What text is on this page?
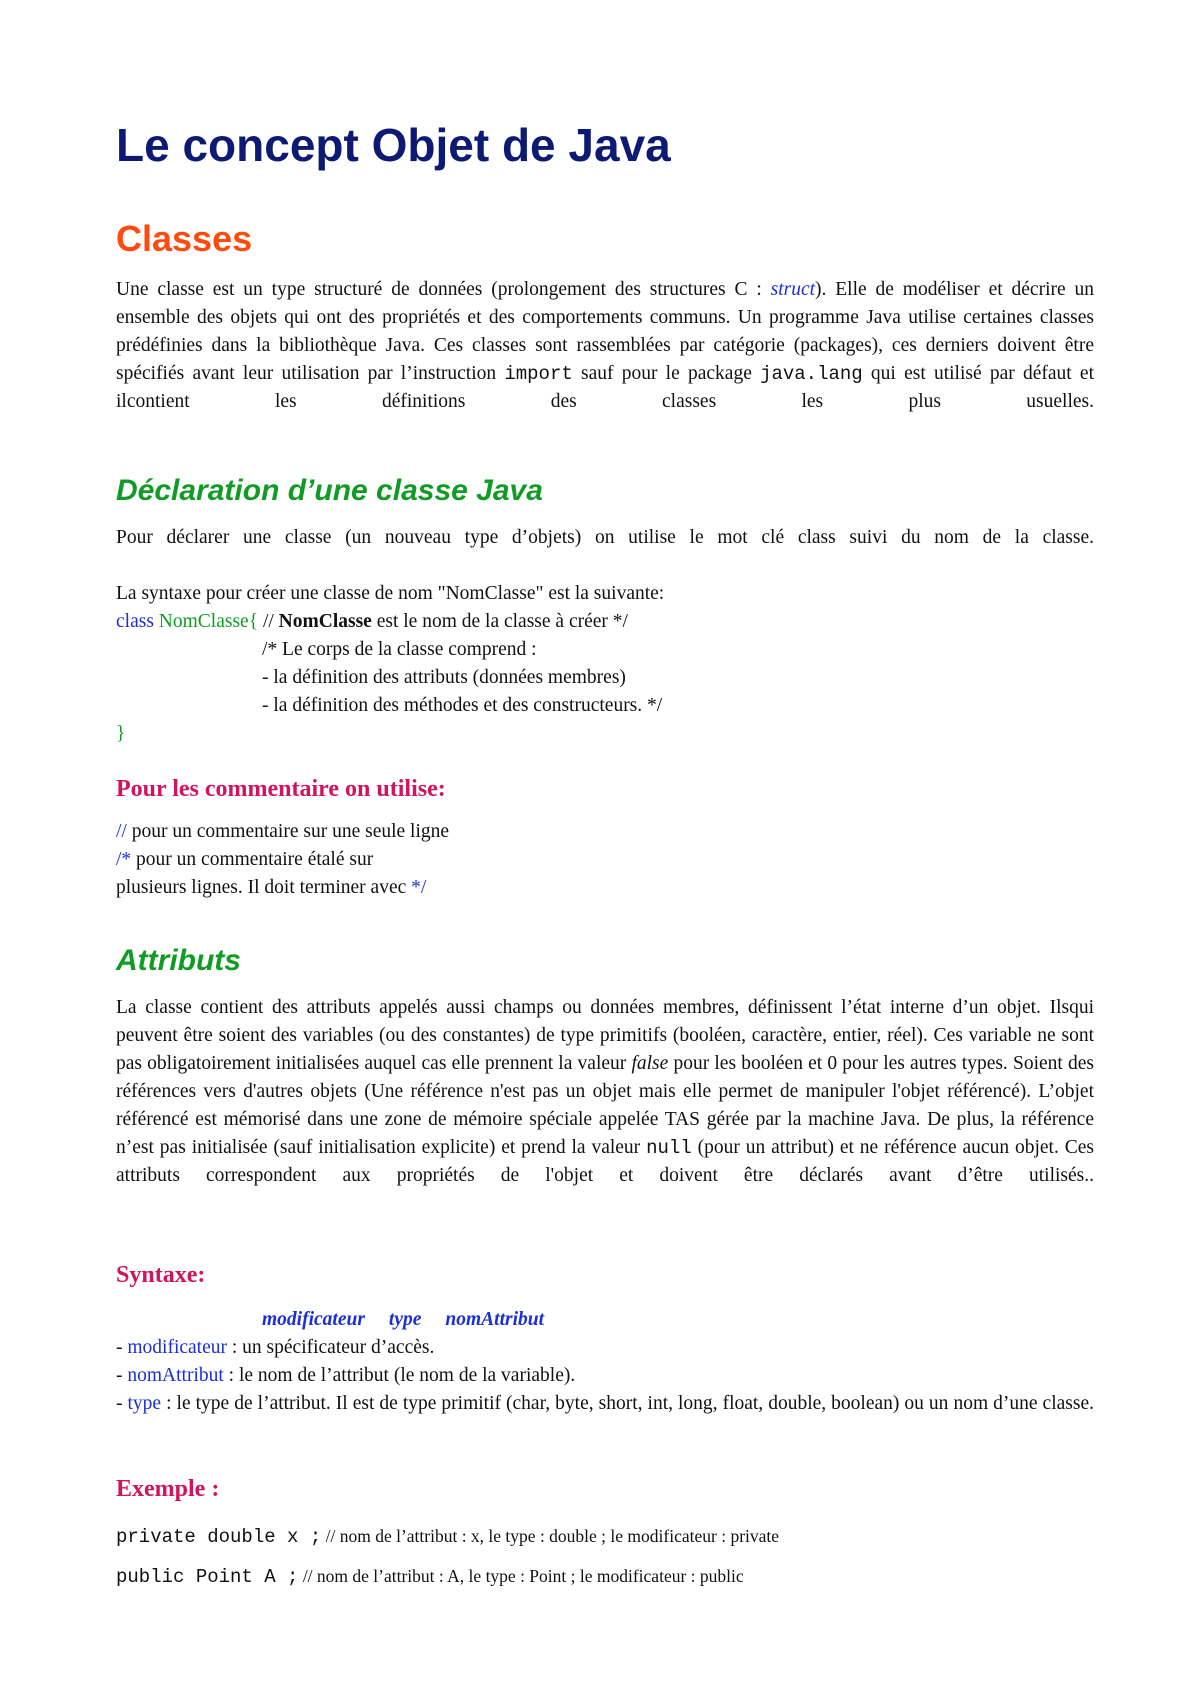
Le concept Objet de Java
Classes

Une classe est un type structuré de données (prolongement des structures C : struct). Elle de modéliser et décrire un ensemble des objets qui ont des propriétés et des comportements communs. Un programme Java utilise certaines classes prédéfinies dans la bibliothèque Java. Ces classes sont rassemblées par catégorie (packages), ces derniers doivent être spécifiés avant leur utilisation par l’instruction import sauf pour le package java.lang qui est utilisé par défaut et ilcontient les définitions des classes les plus usuelles.

Déclaration d’une classe Java

Pour déclarer une classe (un nouveau type d’objets) on utilise le mot clé class suivi du nom de la classe.

La syntaxe pour créer une classe de nom "NomClasse" est la suivante:
class NomClasse{ // NomClasse est le nom de la classe à créer */
/* Le corps de la classe comprend :
- la définition des attributs (données membres)
- la définition des méthodes et des constructeurs. */
}
Pour les commentaire on utilise:
// pour un commentaire sur une seule ligne
/* pour un commentaire étalé sur
plusieurs lignes. Il doit terminer avec */
Attributs

La classe contient des attributs appelés aussi champs ou données membres, définissent l’état interne d’un objet. Ilsqui peuvent être soient des variables (ou des constantes) de type primitifs (booléen, caractère, entier, réel). Ces variable ne sont pas obligatoirement initialisées auquel cas elle prennent la valeur false pour les booléen et 0 pour les autres types. Soient des références vers d'autres objets (Une référence n'est pas un objet mais elle permet de manipuler l'objet référencé). L’objet référencé est mémorisé dans une zone de mémoire spéciale appelée TAS gérée par la machine Java. De plus, la référence n’est pas initialisée (sauf initialisation explicite) et prend la valeur null (pour un attribut) et ne référence aucun objet. Ces attributs correspondent aux propriétés de l'objet et doivent être déclarés avant d’être utilisés..

Syntaxe:
modificateur type nomAttribut
- modificateur : un spécificateur d’accès.
- nomAttribut : le nom de l’attribut (le nom de la variable).

- type : le type de l’attribut. Il est de type primitif (char, byte, short, int, long, float, double, boolean) ou un nom d’une classe.

Exemple :
private double x ; // nom de l’attribut : x, le type : double ; le modificateur : private
public Point A ; // nom de l’attribut : A, le type : Point ; le modificateur : public
